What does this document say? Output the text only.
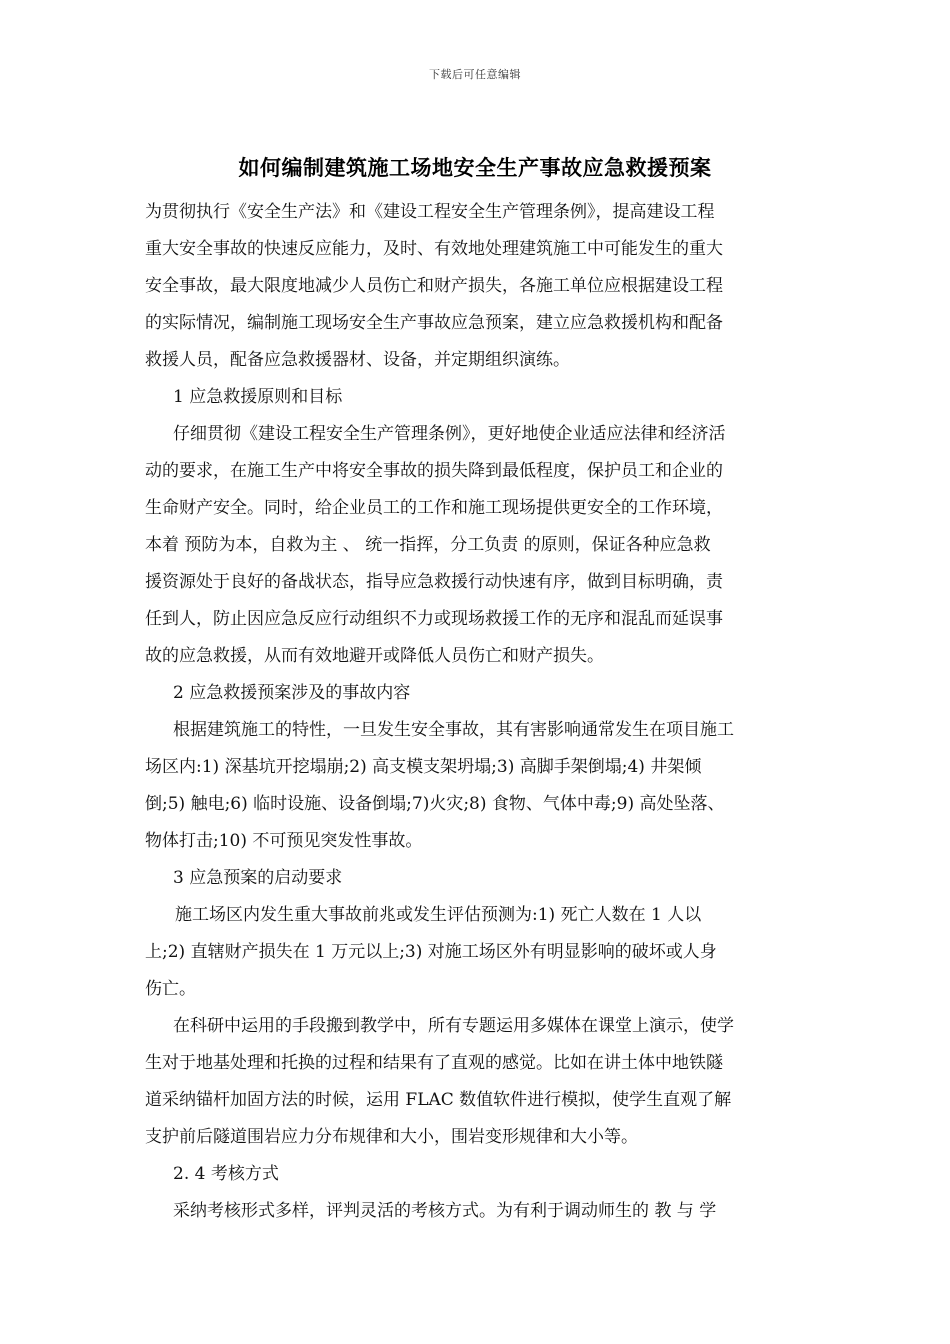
下载后可任意编辑
如何编制建筑施工场地安全生产事故应急救援预案
为贯彻执行《安全生产法》和《建设工程安全生产管理条例》，提高建设工程
重大安全事故的快速反应能力，及时、有效地处理建筑施工中可能发生的重大
安全事故，最大限度地减少人员伤亡和财产损失，各施工单位应根据建设工程
的实际情况，编制施工现场安全生产事故应急预案，建立应急救援机构和配备
救援人员，配备应急救援器材、设备，并定期组织演练。
1 应急救援原则和目标
仔细贯彻《建设工程安全生产管理条例》，更好地使企业适应法律和经济活
动的要求，在施工生产中将安全事故的损失降到最低程度，保护员工和企业的
生命财产安全。同时，给企业员工的工作和施工现场提供更安全的工作环境，
本着 预防为本，自救为主 、 统一指挥，分工负责 的原则，保证各种应急救
援资源处于良好的备战状态，指导应急救援行动快速有序，做到目标明确，责
任到人，防止因应急反应行动组织不力或现场救援工作的无序和混乱而延误事
故的应急救援，从而有效地避开或降低人员伤亡和财产损失。
2 应急救援预案涉及的事故内容
根据建筑施工的特性，一旦发生安全事故，其有害影响通常发生在项目施工
场区内:1) 深基坑开挖塌崩;2) 高支模支架坍塌;3) 高脚手架倒塌;4) 井架倾
倒;5) 触电;6) 临时设施、设备倒塌;7)火灾;8) 食物、气体中毒;9) 高处坠落、
物体打击;10) 不可预见突发性事故。
3 应急预案的启动要求
施工场区内发生重大事故前兆或发生评估预测为:1) 死亡人数在 1 人以
上;2) 直辖财产损失在 1 万元以上;3) 对施工场区外有明显影响的破坏或人身
伤亡。
在科研中运用的手段搬到教学中，所有专题运用多媒体在课堂上演示，使学
生对于地基处理和托换的过程和结果有了直观的感觉。比如在讲土体中地铁隧
道采纳锚杆加固方法的时候，运用 FLAC 数值软件进行模拟，使学生直观了解
支护前后隧道围岩应力分布规律和大小，围岩变形规律和大小等。
2. 4 考核方式
采纳考核形式多样，评判灵活的考核方式。为有利于调动师生的 教 与 学
